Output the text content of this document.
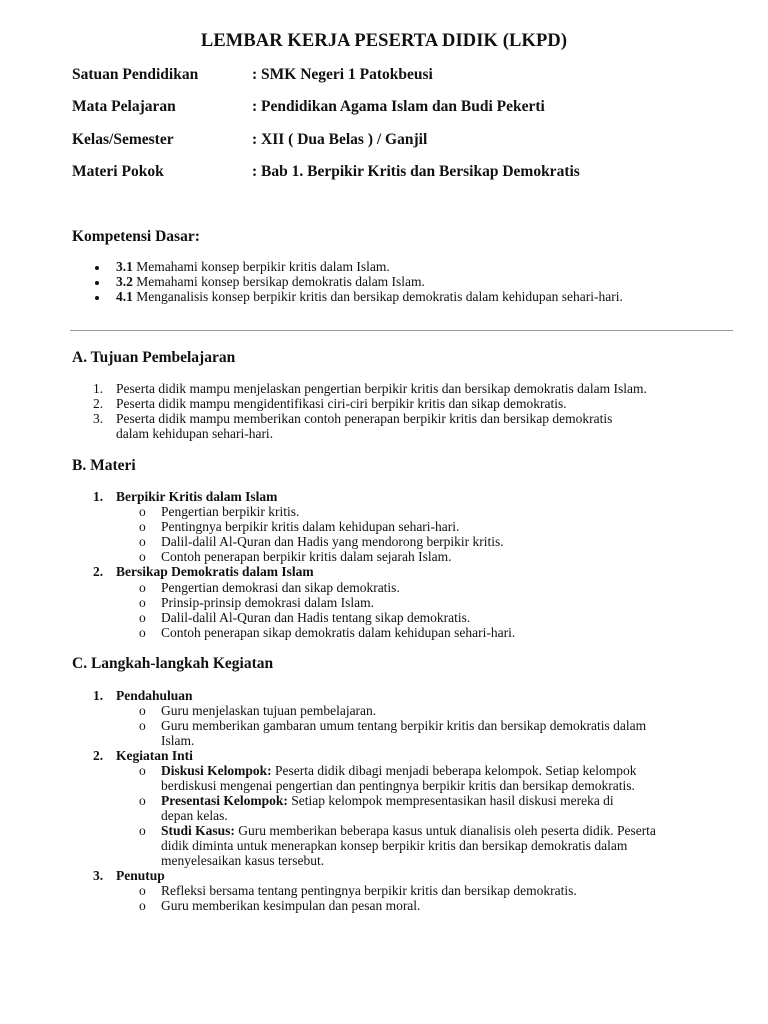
LEMBAR KERJA PESERTA DIDIK (LKPD)
Satuan Pendidikan	: SMK Negeri 1 Patokbeusi
Mata Pelajaran	: Pendidikan Agama Islam dan Budi Pekerti
Kelas/Semester	: XII ( Dua Belas ) / Ganjil
Materi Pokok	: Bab 1. Berpikir Kritis dan Bersikap Demokratis
Kompetensi Dasar:
3.1 Memahami konsep berpikir kritis dalam Islam.
3.2 Memahami konsep bersikap demokratis dalam Islam.
4.1 Menganalisis konsep berpikir kritis dan bersikap demokratis dalam kehidupan sehari-hari.
A. Tujuan Pembelajaran
1. Peserta didik mampu menjelaskan pengertian berpikir kritis dan bersikap demokratis dalam Islam.
2. Peserta didik mampu mengidentifikasi ciri-ciri berpikir kritis dan sikap demokratis.
3. Peserta didik mampu memberikan contoh penerapan berpikir kritis dan bersikap demokratis
dalam kehidupan sehari-hari.
B. Materi
1. Berpikir Kritis dalam Islam
o Pengertian berpikir kritis.
o Pentingnya berpikir kritis dalam kehidupan sehari-hari.
o Dalil-dalil Al-Quran dan Hadis yang mendorong berpikir kritis.
o Contoh penerapan berpikir kritis dalam sejarah Islam.
2. Bersikap Demokratis dalam Islam
o Pengertian demokrasi dan sikap demokratis.
o Prinsip-prinsip demokrasi dalam Islam.
o Dalil-dalil Al-Quran dan Hadis tentang sikap demokratis.
o Contoh penerapan sikap demokratis dalam kehidupan sehari-hari.
C. Langkah-langkah Kegiatan
1. Pendahuluan
o Guru menjelaskan tujuan pembelajaran.
o Guru memberikan gambaran umum tentang berpikir kritis dan bersikap demokratis dalam
Islam.
2. Kegiatan Inti
o Diskusi Kelompok: Peserta didik dibagi menjadi beberapa kelompok. Setiap kelompok
berdiskusi mengenai pengertian dan pentingnya berpikir kritis dan bersikap demokratis.
o Presentasi Kelompok: Setiap kelompok mempresentasikan hasil diskusi mereka di
depan kelas.
o Studi Kasus: Guru memberikan beberapa kasus untuk dianalisis oleh peserta didik. Peserta
didik diminta untuk menerapkan konsep berpikir kritis dan bersikap demokratis dalam
menyelesaikan kasus tersebut.
3. Penutup
o Refleksi bersama tentang pentingnya berpikir kritis dan bersikap demokratis.
o Guru memberikan kesimpulan dan pesan moral.
